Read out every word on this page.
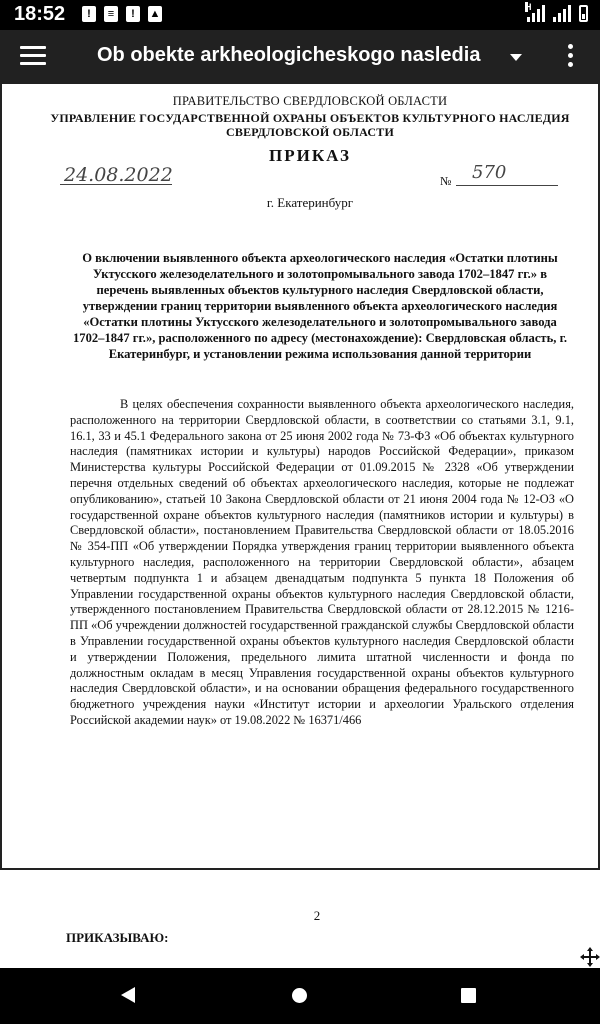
18:52	!	≡	!	▲
H
Ob obekte arkheologicheskogo nasledia
ПРАВИТЕЛЬСТВО СВЕРДЛОВСКОЙ ОБЛАСТИ
УПРАВЛЕНИЕ ГОСУДАРСТВЕННОЙ ОХРАНЫ ОБЪЕКТОВ КУЛЬТУРНОГО НАСЛЕДИЯ
СВЕРДЛОВСКОЙ ОБЛАСТИ
ПРИКАЗ
24.08.2022	№ 570
г. Екатеринбург
О включении выявленного объекта археологического наследия «Остатки плотины Уктусского железоделательного и золотопромывального завода 1702–1847 гг.» в перечень выявленных объектов культурного наследия Свердловской области, утверждении границ территории выявленного объекта археологического наследия «Остатки плотины Уктусского железоделательного и золотопромывального завода 1702–1847 гг.», расположенного по адресу (местонахождение): Свердловская область, г. Екатеринбург, и установлении режима использования данной территории
В целях обеспечения сохранности выявленного объекта археологического наследия, расположенного на территории Свердловской области, в соответствии со статьями 3.1, 9.1, 16.1, 33 и 45.1 Федерального закона от 25 июня 2002 года № 73-ФЗ «Об объектах культурного наследия (памятниках истории и культуры) народов Российской Федерации», приказом Министерства культуры Российской Федерации от 01.09.2015 № 2328 «Об утверждении перечня отдельных сведений об объектах археологического наследия, которые не подлежат опубликованию», статьей 10 Закона Свердловской области от 21 июня 2004 года № 12-ОЗ «О государственной охране объектов культурного наследия (памятников истории и культуры) в Свердловской области», постановлением Правительства Свердловской области от 18.05.2016 № 354-ПП «Об утверждении Порядка утверждения границ территории выявленного объекта культурного наследия, расположенного на территории Свердловской области», абзацем четвертым подпункта 1 и абзацем двенадцатым подпункта 5 пункта 18 Положения об Управлении государственной охраны объектов культурного наследия Свердловской области, утвержденного постановлением Правительства Свердловской области от 28.12.2015 № 1216-ПП «Об учреждении должностей государственной гражданской службы Свердловской области в Управлении государственной охраны объектов культурного наследия Свердловской области и утверждении Положения, предельного лимита штатной численности и фонда по должностным окладам в месяц Управления государственной охраны объектов культурного наследия Свердловской области», и на основании обращения федерального государственного бюджетного учреждения науки «Институт истории и археологии Уральского отделения Российской академии наук» от 19.08.2022 № 16371/466
2
ПРИКАЗЫВАЮ:
